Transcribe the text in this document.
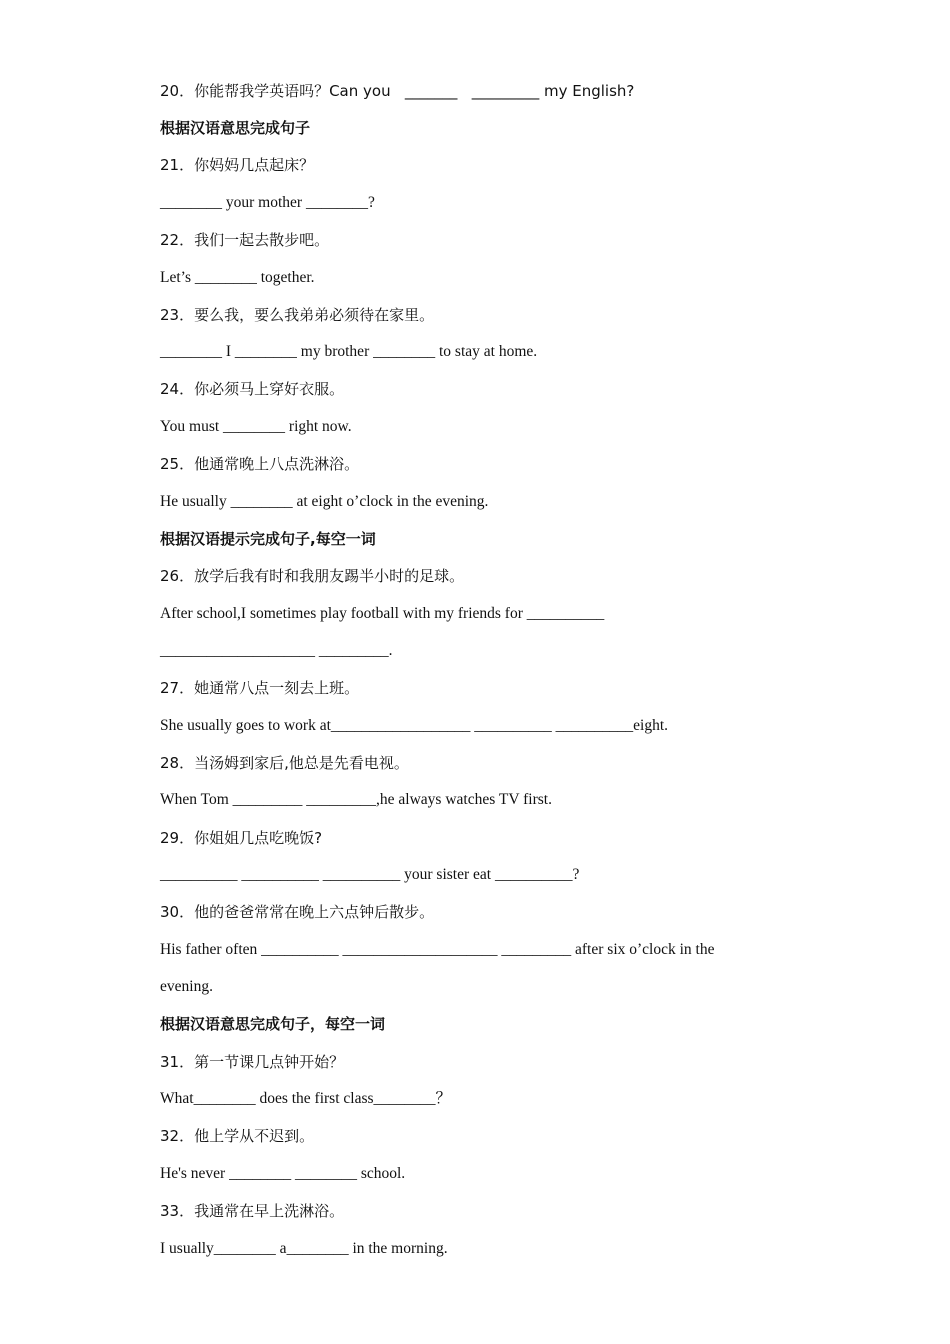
20．你能帮我学英语吗？Can you   _______   _________ my English?
根据汉语意思完成句子
21．你妈妈几点起床？
________ your mother ________?
22．我们一起去散步吧。
Let’s ________ together.
23．要么我，要么我弟弟必须待在家里。
________ I ________ my brother ________ to stay at home.
24．你必须马上穿好衣服。
You must ________ right now.
25．他通常晚上八点洗淋浴。
He usually ________ at eight o’clock in the evening.
根据汉语提示完成句子,每空一词
26．放学后我有时和我朋友踢半小时的足球。
After school,I sometimes play football with my friends for __________
____________________ _________.
27．她通常八点一刻去上班。
She usually goes to work at__________________ __________ __________eight.
28．当汤姆到家后,他总是先看电视。
When Tom _________ _________,he always watches TV first.
29．你姐姐几点吃晚饭?
__________ __________ __________ your sister eat __________?
30．他的爸爸常常在晚上六点钟后散步。
His father often __________ ____________________ _________ after six o’clock in the
evening.
根据汉语意思完成句子，每空一词
31．第一节课几点钟开始？
What________ does the first class________？
32．他上学从不迟到。
He's never ________ ________ school.
33．我通常在早上洗淋浴。
I usually________ a________ in the morning.
